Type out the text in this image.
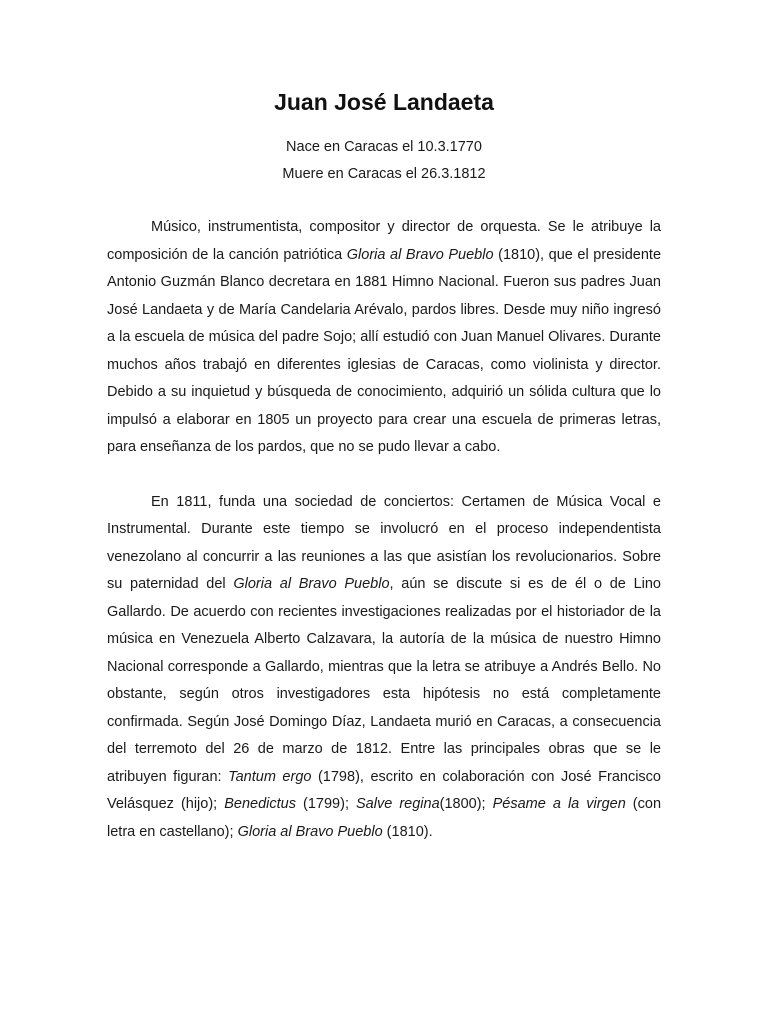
Juan José Landaeta

Nace en Caracas el 10.3.1770

Muere en Caracas el 26.3.1812

Músico, instrumentista, compositor y director de orquesta. Se le atribuye la composición de la canción patriótica Gloria al Bravo Pueblo (1810), que el presidente Antonio Guzmán Blanco decretara en 1881 Himno Nacional. Fueron sus padres Juan José Landaeta y de María Candelaria Arévalo, pardos libres. Desde muy niño ingresó a la escuela de música del padre Sojo; allí estudió con Juan Manuel Olivares. Durante muchos años trabajó en diferentes iglesias de Caracas, como violinista y director. Debido a su inquietud y búsqueda de conocimiento, adquirió un sólida cultura que lo impulsó a elaborar en 1805 un proyecto para crear una escuela de primeras letras, para enseñanza de los pardos, que no se pudo llevar a cabo.

En 1811, funda una sociedad de conciertos: Certamen de Música Vocal e Instrumental. Durante este tiempo se involucró en el proceso independentista venezolano al concurrir a las reuniones a las que asistían los revolucionarios. Sobre su paternidad del Gloria al Bravo Pueblo, aún se discute si es de él o de Lino Gallardo. De acuerdo con recientes investigaciones realizadas por el historiador de la música en Venezuela Alberto Calzavara, la autoría de la música de nuestro Himno Nacional corresponde a Gallardo, mientras que la letra se atribuye a Andrés Bello. No obstante, según otros investigadores esta hipótesis no está completamente confirmada. Según José Domingo Díaz, Landaeta murió en Caracas, a consecuencia del terremoto del 26 de marzo de 1812. Entre las principales obras que se le atribuyen figuran: Tantum ergo (1798), escrito en colaboración con José Francisco Velásquez (hijo); Benedictus (1799); Salve regina(1800); Pésame a la virgen (con letra en castellano); Gloria al Bravo Pueblo (1810).
